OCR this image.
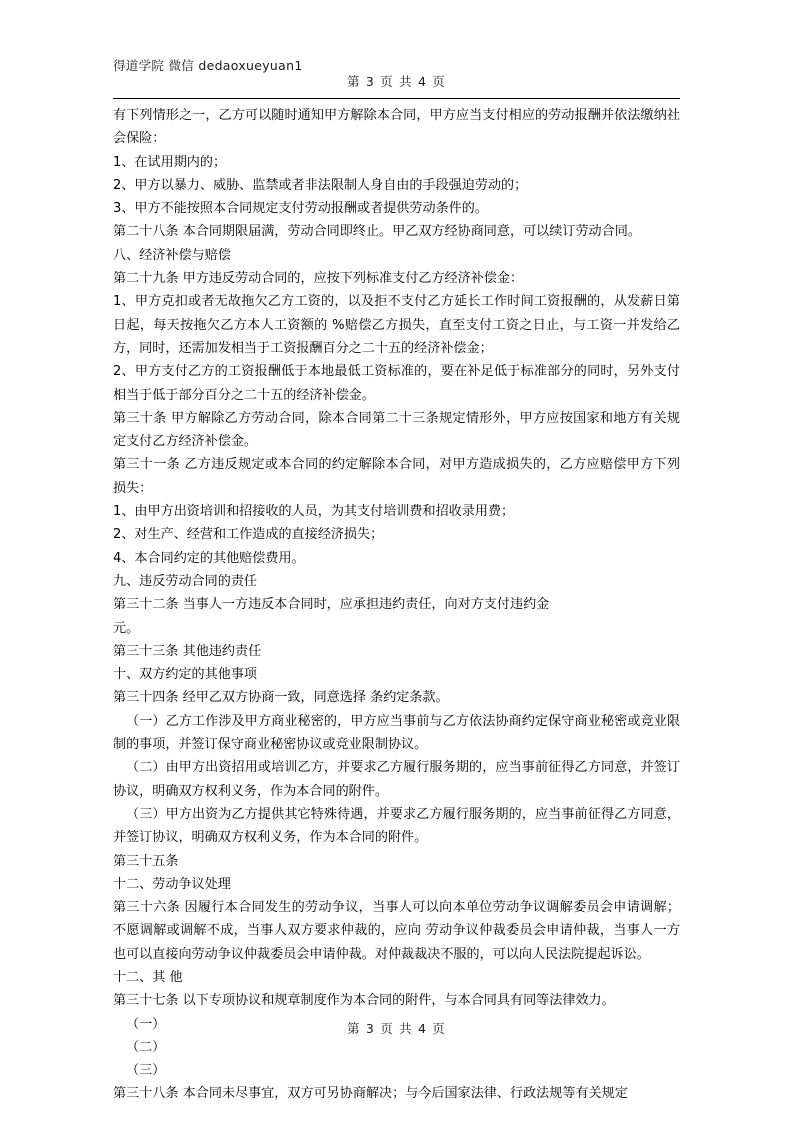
得道学院 微信 dedaoxueyuan1
第 3 页 共 4 页

有下列情形之一，乙方可以随时通知甲方解除本合同，甲方应当支付相应的劳动报酬并依法缴纳社会保险：

1、在试用期内的；

2、甲方以暴力、威胁、监禁或者非法限制人身自由的手段强迫劳动的；

3、甲方不能按照本合同规定支付劳动报酬或者提供劳动条件的。

第二十八条 本合同期限届满，劳动合同即终止。甲乙双方经协商同意，可以续订劳动合同。

八、经济补偿与赔偿

第二十九条 甲方违反劳动合同的，应按下列标准支付乙方经济补偿金：

1、甲方克扣或者无故拖欠乙方工资的，以及拒不支付乙方延长工作时间工资报酬的，从发薪日第 日起，每天按拖欠乙方本人工资额的 %赔偿乙方损失，直至支付工资之日止，与工资一并发给乙方，同时，还需加发相当于工资报酬百分之二十五的经济补偿金；

2、甲方支付乙方的工资报酬低于本地最低工资标准的，要在补足低于标准部分的同时，另外支付相当于低于部分百分之二十五的经济补偿金。

第三十条 甲方解除乙方劳动合同，除本合同第二十三条规定情形外，甲方应按国家和地方有关规定支付乙方经济补偿金。

第三十一条 乙方违反规定或本合同的约定解除本合同，对甲方造成损失的，乙方应赔偿甲方下列损失：

1、由甲方出资培训和招接收的人员，为其支付培训费和招收录用费；

2、对生产、经营和工作造成的直接经济损失；

4、本合同约定的其他赔偿费用。

九、违反劳动合同的责任

第三十二条 当事人一方违反本合同时，应承担违约责任，向对方支付违约金

元。

第三十三条 其他违约责任

十、双方约定的其他事项

第三十四条 经甲乙双方协商一致，同意选择 条约定条款。

（一）乙方工作涉及甲方商业秘密的，甲方应当事前与乙方依法协商约定保守商业秘密或竞业限制的事项，并签订保守商业秘密协议或竞业限制协议。

（二）由甲方出资招用或培训乙方，并要求乙方履行服务期的，应当事前征得乙方同意，并签订协议，明确双方权利义务，作为本合同的附件。

（三）甲方出资为乙方提供其它特殊待遇，并要求乙方履行服务期的，应当事前征得乙方同意，并签订协议，明确双方权利义务，作为本合同的附件。

第三十五条

十二、劳动争议处理

第三十六条 因履行本合同发生的劳动争议，当事人可以向本单位劳动争议调解委员会申请调解；不愿调解或调解不成，当事人双方要求仲裁的，应向 劳动争议仲裁委员会申请仲裁，当事人一方也可以直接向劳动争议仲裁委员会申请仲裁。对仲裁裁决不服的，可以向人民法院提起诉讼。

十二、其 他

第三十七条 以下专项协议和规章制度作为本合同的附件，与本合同具有同等法律效力。

（一）

（二）

（三）

第三十八条 本合同未尽事宜，双方可另协商解决；与今后国家法律、行政法规等有关规定

第 3 页 共 4 页
